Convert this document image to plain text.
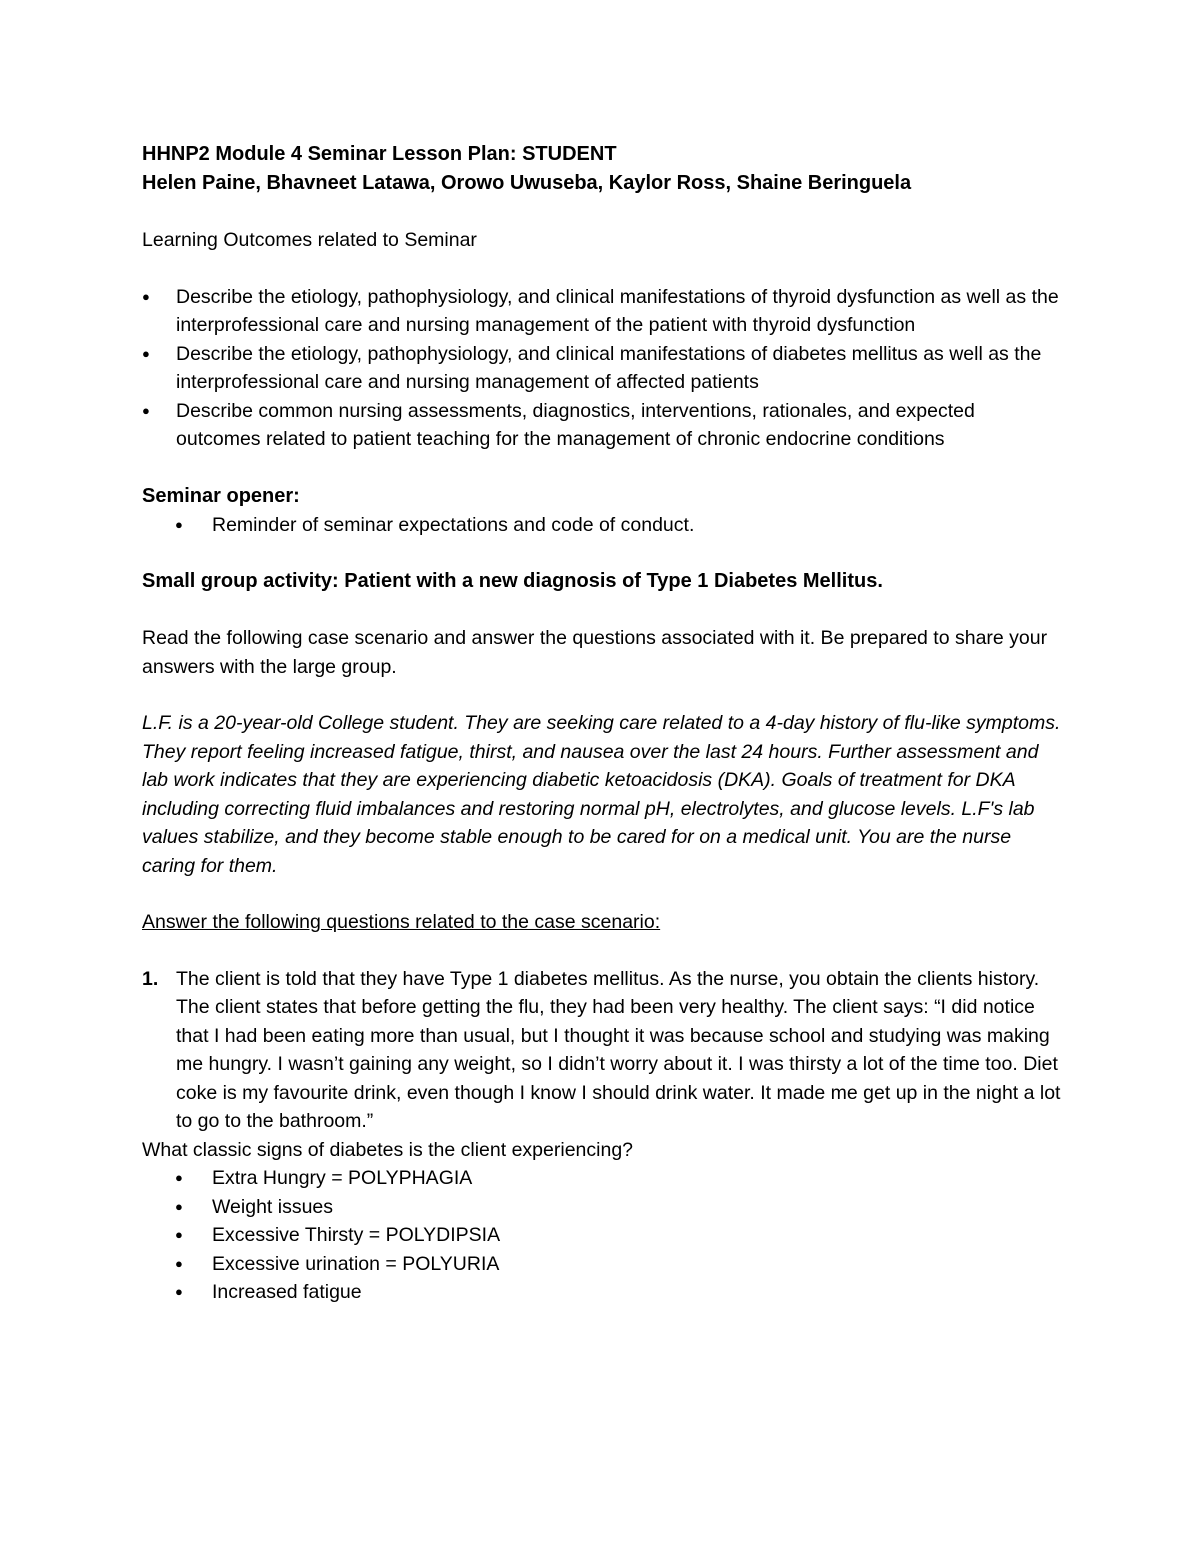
HHNP2 Module 4 Seminar Lesson Plan: STUDENT

Helen Paine, Bhavneet Latawa, Orowo Uwuseba, Kaylor Ross, Shaine Beringuela

Learning Outcomes related to Seminar

● Describe the etiology, pathophysiology, and clinical manifestations of thyroid dysfunction as well as the interprofessional care and nursing management of the patient with thyroid dysfunction
● Describe the etiology, pathophysiology, and clinical manifestations of diabetes mellitus as well as the interprofessional care and nursing management of affected patients
● Describe common nursing assessments, diagnostics, interventions, rationales, and expected outcomes related to patient teaching for the management of chronic endocrine conditions

Seminar opener:

● Reminder of seminar expectations and code of conduct.

Small group activity: Patient with a new diagnosis of Type 1 Diabetes Mellitus.

Read the following case scenario and answer the questions associated with it. Be prepared to share your answers with the large group.

L.F. is a 20-year-old College student. They are seeking care related to a 4-day history of flu-like symptoms. They report feeling increased fatigue, thirst, and nausea over the last 24 hours. Further assessment and lab work indicates that they are experiencing diabetic ketoacidosis (DKA). Goals of treatment for DKA including correcting fluid imbalances and restoring normal pH, electrolytes, and glucose levels. L.F's lab values stabilize, and they become stable enough to be cared for on a medical unit. You are the nurse caring for them.

Answer the following questions related to the case scenario:

1. The client is told that they have Type 1 diabetes mellitus. As the nurse, you obtain the clients history. The client states that before getting the flu, they had been very healthy. The client says: “I did notice that I had been eating more than usual, but I thought it was because school and studying was making me hungry. I wasn’t gaining any weight, so I didn’t worry about it. I was thirsty a lot of the time too. Diet coke is my favourite drink, even though I know I should drink water. It made me get up in the night a lot to go to the bathroom.”

What classic signs of diabetes is the client experiencing?

● Extra Hungry = POLYPHAGIA
● Weight issues
● Excessive Thirsty = POLYDIPSIA
● Excessive urination = POLYURIA
● Increased fatigue
